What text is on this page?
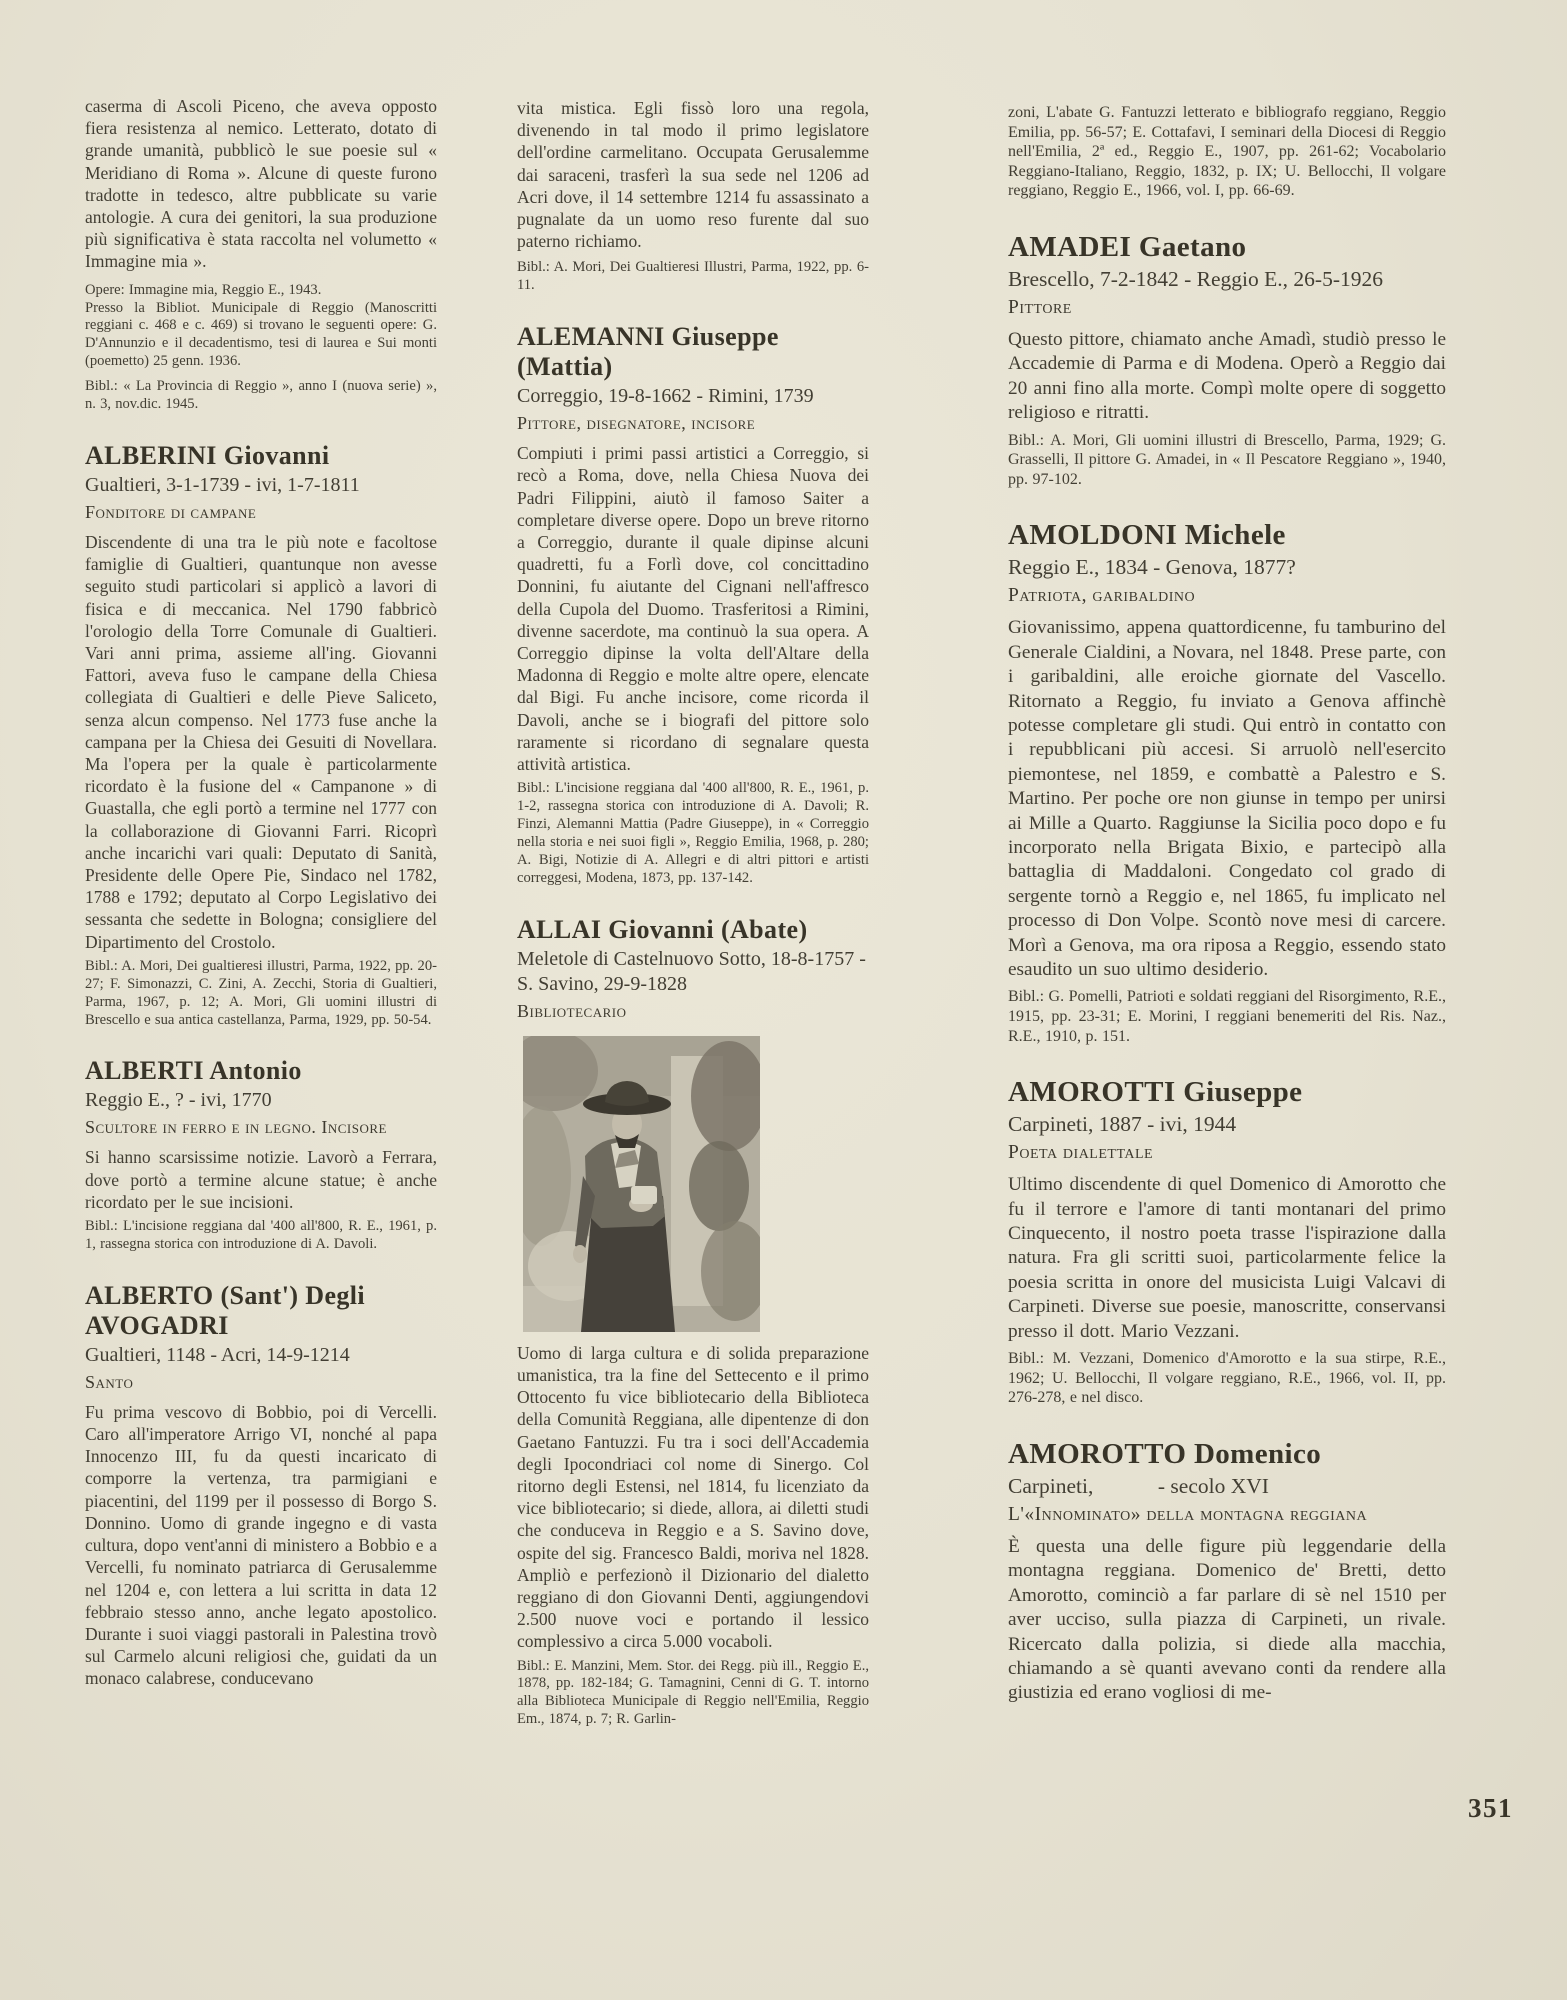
caserma di Ascoli Piceno, che aveva opposto fiera resistenza al nemico. Letterato, dotato di grande umanità, pubblicò le sue poesie sul « Meridiano di Roma ». Alcune di queste furono tradotte in tedesco, altre pubblicate su varie antologie. A cura dei genitori, la sua produzione più significativa è stata raccolta nel volumetto « Immagine mia ».

Opere: Immagine mia, Reggio E., 1943.

Presso la Bibliot. Municipale di Reggio (Manoscritti reggiani c. 468 e c. 469) si trovano le seguenti opere: G. D'Annunzio e il decadentismo, tesi di laurea e Sui monti (poemetto) 25 genn. 1936.

Bibl.: « La Provincia di Reggio », anno I (nuova serie) », n. 3, nov.dic. 1945.

ALBERINI Giovanni

Gualtieri, 3-1-1739 - ivi, 1-7-1811

Fonditore di campane

Discendente di una tra le più note e facoltose famiglie di Gualtieri, quantunque non avesse seguito studi particolari si applicò a lavori di fisica e di meccanica. Nel 1790 fabbricò l'orologio della Torre Comunale di Gualtieri. Vari anni prima, assieme all'ing. Giovanni Fattori, aveva fuso le campane della Chiesa collegiata di Gualtieri e delle Pieve Saliceto, senza alcun compenso. Nel 1773 fuse anche la campana per la Chiesa dei Gesuiti di Novellara. Ma l'opera per la quale è particolarmente ricordato è la fusione del « Campanone » di Guastalla, che egli portò a termine nel 1777 con la collaborazione di Giovanni Farri. Ricoprì anche incarichi vari quali: Deputato di Sanità, Presidente delle Opere Pie, Sindaco nel 1782, 1788 e 1792; deputato al Corpo Legislativo dei sessanta che sedette in Bologna; consigliere del Dipartimento del Crostolo.

Bibl.: A. Mori, Dei gualtieresi illustri, Parma, 1922, pp. 20-27; F. Simonazzi, C. Zini, A. Zecchi, Storia di Gualtieri, Parma, 1967, p. 12; A. Mori, Gli uomini illustri di Brescello e sua antica castellanza, Parma, 1929, pp. 50-54.

ALBERTI Antonio

Reggio E., ? - ivi, 1770

Scultore in ferro e in legno. Incisore

Si hanno scarsissime notizie. Lavorò a Ferrara, dove portò a termine alcune statue; è anche ricordato per le sue incisioni.

Bibl.: L'incisione reggiana dal '400 all'800, R. E., 1961, p. 1, rassegna storica con introduzione di A. Davoli.

ALBERTO (Sant') Degli AVOGADRI

Gualtieri, 1148 - Acri, 14-9-1214

Santo

Fu prima vescovo di Bobbio, poi di Vercelli. Caro all'imperatore Arrigo VI, nonché al papa Innocenzo III, fu da questi incaricato di comporre la vertenza, tra parmigiani e piacentini, del 1199 per il possesso di Borgo S. Donnino. Uomo di grande ingegno e di vasta cultura, dopo vent'anni di ministero a Bobbio e a Vercelli, fu nominato patriarca di Gerusalemme nel 1204 e, con lettera a lui scritta in data 12 febbraio stesso anno, anche legato apostolico. Durante i suoi viaggi pastorali in Palestina trovò sul Carmelo alcuni religiosi che, guidati da un monaco calabrese, conducevano

vita mistica. Egli fissò loro una regola, divenendo in tal modo il primo legislatore dell'ordine carmelitano. Occupata Gerusalemme dai saraceni, trasferì la sua sede nel 1206 ad Acri dove, il 14 settembre 1214 fu assassinato a pugnalate da un uomo reso furente dal suo paterno richiamo.

Bibl.: A. Mori, Dei Gualtieresi Illustri, Parma, 1922, pp. 6-11.

ALEMANNI Giuseppe (Mattia)

Correggio, 19-8-1662 - Rimini, 1739

Pittore, disegnatore, incisore

Compiuti i primi passi artistici a Correggio, si recò a Roma, dove, nella Chiesa Nuova dei Padri Filippini, aiutò il famoso Saiter a completare diverse opere. Dopo un breve ritorno a Correggio, durante il quale dipinse alcuni quadretti, fu a Forlì dove, col concittadino Donnini, fu aiutante del Cignani nell'affresco della Cupola del Duomo. Trasferitosi a Rimini, divenne sacerdote, ma continuò la sua opera. A Correggio dipinse la volta dell'Altare della Madonna di Reggio e molte altre opere, elencate dal Bigi. Fu anche incisore, come ricorda il Davoli, anche se i biografi del pittore solo raramente si ricordano di segnalare questa attività artistica.

Bibl.: L'incisione reggiana dal '400 all'800, R. E., 1961, p. 1-2, rassegna storica con introduzione di A. Davoli; R. Finzi, Alemanni Mattia (Padre Giuseppe), in « Correggio nella storia e nei suoi figli », Reggio Emilia, 1968, p. 280; A. Bigi, Notizie di A. Allegri e di altri pittori e artisti correggesi, Modena, 1873, pp. 137-142.

ALLAI Giovanni (Abate)

Meletole di Castelnuovo Sotto, 18-8-1757 - S. Savino, 29-9-1828

Bibliotecario

Uomo di larga cultura e di solida preparazione umanistica, tra la fine del Settecento e il primo Ottocento fu vice bibliotecario della Biblioteca della Comunità Reggiana, alle dipentenze di don Gaetano Fantuzzi. Fu tra i soci dell'Accademia degli Ipocondriaci col nome di Sinergo. Col ritorno degli Estensi, nel 1814, fu licenziato da vice bibliotecario; si diede, allora, ai diletti studi che conduceva in Reggio e a S. Savino dove, ospite del sig. Francesco Baldi, moriva nel 1828. Ampliò e perfezionò il Dizionario del dialetto reggiano di don Giovanni Denti, aggiungendovi 2.500 nuove voci e portando il lessico complessivo a circa 5.000 vocaboli.

Bibl.: E. Manzini, Mem. Stor. dei Regg. più ill., Reggio E., 1878, pp. 182-184; G. Tamagnini, Cenni di G. T. intorno alla Biblioteca Municipale di Reggio nell'Emilia, Reggio Em., 1874, p. 7; R. Garlin-

zoni, L'abate G. Fantuzzi letterato e bibliografo reggiano, Reggio Emilia, pp. 56-57; E. Cottafavi, I seminari della Diocesi di Reggio nell'Emilia, 2ª ed., Reggio E., 1907, pp. 261-62; Vocabolario Reggiano-Italiano, Reggio, 1832, p. IX; U. Bellocchi, Il volgare reggiano, Reggio E., 1966, vol. I, pp. 66-69.

AMADEI Gaetano

Brescello, 7-2-1842 - Reggio E., 26-5-1926

Pittore

Questo pittore, chiamato anche Amadì, studiò presso le Accademie di Parma e di Modena. Operò a Reggio dai 20 anni fino alla morte. Compì molte opere di soggetto religioso e ritratti.

Bibl.: A. Mori, Gli uomini illustri di Brescello, Parma, 1929; G. Grasselli, Il pittore G. Amadei, in « Il Pescatore Reggiano », 1940, pp. 97-102.

AMOLDONI Michele

Reggio E., 1834 - Genova, 1877?

Patriota, garibaldino

Giovanissimo, appena quattordicenne, fu tamburino del Generale Cialdini, a Novara, nel 1848. Prese parte, con i garibaldini, alle eroiche giornate del Vascello. Ritornato a Reggio, fu inviato a Genova affinchè potesse completare gli studi. Qui entrò in contatto con i repubblicani più accesi. Si arruolò nell'esercito piemontese, nel 1859, e combattè a Palestro e S. Martino. Per poche ore non giunse in tempo per unirsi ai Mille a Quarto. Raggiunse la Sicilia poco dopo e fu incorporato nella Brigata Bixio, e partecipò alla battaglia di Maddaloni. Congedato col grado di sergente tornò a Reggio e, nel 1865, fu implicato nel processo di Don Volpe. Scontò nove mesi di carcere. Morì a Genova, ma ora riposa a Reggio, essendo stato esaudito un suo ultimo desiderio.

Bibl.: G. Pomelli, Patrioti e soldati reggiani del Risorgimento, R.E., 1915, pp. 23-31; E. Morini, I reggiani benemeriti del Ris. Naz., R.E., 1910, p. 151.

AMOROTTI Giuseppe

Carpineti, 1887 - ivi, 1944

Poeta dialettale

Ultimo discendente di quel Domenico di Amorotto che fu il terrore e l'amore di tanti montanari del primo Cinquecento, il nostro poeta trasse l'ispirazione dalla natura. Fra gli scritti suoi, particolarmente felice la poesia scritta in onore del musicista Luigi Valcavi di Carpineti. Diverse sue poesie, manoscritte, conservansi presso il dott. Mario Vezzani.

Bibl.: M. Vezzani, Domenico d'Amorotto e la sua stirpe, R.E., 1962; U. Bellocchi, Il volgare reggiano, R.E., 1966, vol. II, pp. 276-278, e nel disco.

AMOROTTO Domenico

Carpineti,   - secolo XVI

L'«Innominato» della montagna reggiana

È questa una delle figure più leggendarie della montagna reggiana. Domenico de' Bretti, detto Amorotto, cominciò a far parlare di sè nel 1510 per aver ucciso, sulla piazza di Carpineti, un rivale. Ricercato dalla polizia, si diede alla macchia, chiamando a sè quanti avevano conti da rendere alla giustizia ed erano vogliosi di me-

351
